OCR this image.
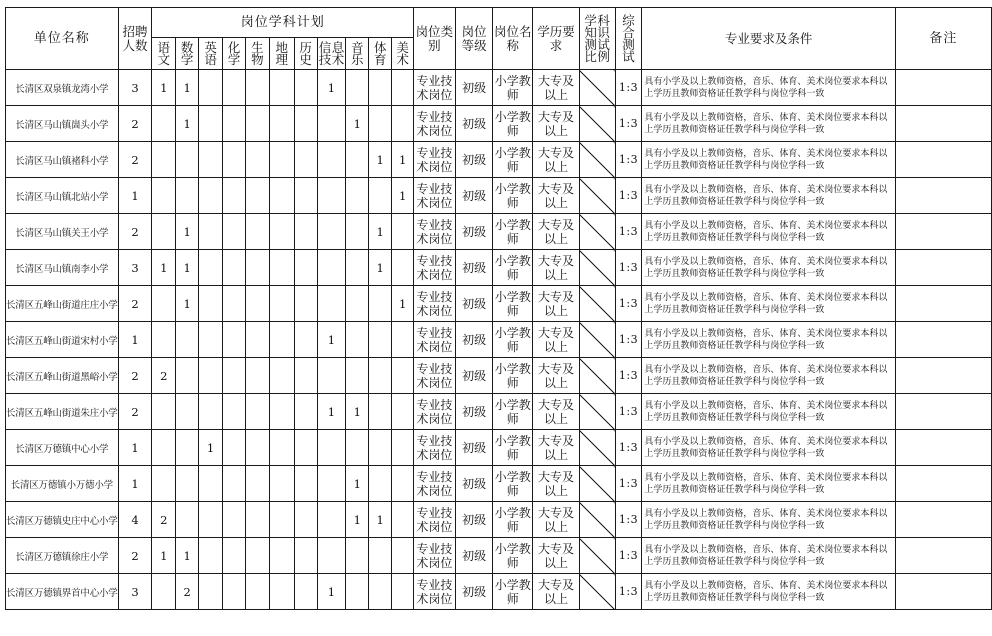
单位名称	招聘人数	岗位学科计划											岗位类别	岗位等级	岗位名称	学历要求	学科知识测试比例	综合测试	专业要求及条件	备注
		语文	数学	英语	化学	生物	地理	历史	信息技术	音乐	体育	美术								
长清区双泉镇龙湾小学	3	1	1						1				专业技术岗位	初级	小学教师	大专及以上		1:3	具有小学及以上教师资格，音乐、体育、美术岗位要求本科以上学历且教师资格证任教学科与岗位学科一致	
长清区马山镇崮头小学	2		1							1			专业技术岗位	初级	小学教师	大专及以上		1:3	具有小学及以上教师资格，音乐、体育、美术岗位要求本科以上学历且教师资格证任教学科与岗位学科一致	
长清区马山镇褚科小学	2										1	1	专业技术岗位	初级	小学教师	大专及以上		1:3	具有小学及以上教师资格，音乐、体育、美术岗位要求本科以上学历且教师资格证任教学科与岗位学科一致	
长清区马山镇北站小学	1											1	专业技术岗位	初级	小学教师	大专及以上		1:3	具有小学及以上教师资格，音乐、体育、美术岗位要求本科以上学历且教师资格证任教学科与岗位学科一致	
长清区马山镇关王小学	2		1								1		专业技术岗位	初级	小学教师	大专及以上		1:3	具有小学及以上教师资格，音乐、体育、美术岗位要求本科以上学历且教师资格证任教学科与岗位学科一致	
长清区马山镇南李小学	3	1	1								1		专业技术岗位	初级	小学教师	大专及以上		1:3	具有小学及以上教师资格，音乐、体育、美术岗位要求本科以上学历且教师资格证任教学科与岗位学科一致	
长清区五峰山街道庄庄小学	2		1									1	专业技术岗位	初级	小学教师	大专及以上		1:3	具有小学及以上教师资格，音乐、体育、美术岗位要求本科以上学历且教师资格证任教学科与岗位学科一致	
长清区五峰山街道宋村小学	1								1				专业技术岗位	初级	小学教师	大专及以上		1:3	具有小学及以上教师资格，音乐、体育、美术岗位要求本科以上学历且教师资格证任教学科与岗位学科一致	
长清区五峰山街道黑峪小学	2	2											专业技术岗位	初级	小学教师	大专及以上		1:3	具有小学及以上教师资格，音乐、体育、美术岗位要求本科以上学历且教师资格证任教学科与岗位学科一致	
长清区五峰山街道朱庄小学	2								1	1			专业技术岗位	初级	小学教师	大专及以上		1:3	具有小学及以上教师资格，音乐、体育、美术岗位要求本科以上学历且教师资格证任教学科与岗位学科一致	
长清区万德镇中心小学	1			1									专业技术岗位	初级	小学教师	大专及以上		1:3	具有小学及以上教师资格，音乐、体育、美术岗位要求本科以上学历且教师资格证任教学科与岗位学科一致	
长清区万德镇小万德小学	1									1			专业技术岗位	初级	小学教师	大专及以上		1:3	具有小学及以上教师资格，音乐、体育、美术岗位要求本科以上学历且教师资格证任教学科与岗位学科一致	
长清区万德镇史庄中心小学	4	2								1	1		专业技术岗位	初级	小学教师	大专及以上		1:3	具有小学及以上教师资格，音乐、体育、美术岗位要求本科以上学历且教师资格证任教学科与岗位学科一致	
长清区万德镇徐庄小学	2	1	1										专业技术岗位	初级	小学教师	大专及以上		1:3	具有小学及以上教师资格，音乐、体育、美术岗位要求本科以上学历且教师资格证任教学科与岗位学科一致	
长清区万德镇界首中心小学	3		2						1				专业技术岗位	初级	小学教师	大专及以上		1:3	具有小学及以上教师资格，音乐、体育、美术岗位要求本科以上学历且教师资格证任教学科与岗位学科一致	
